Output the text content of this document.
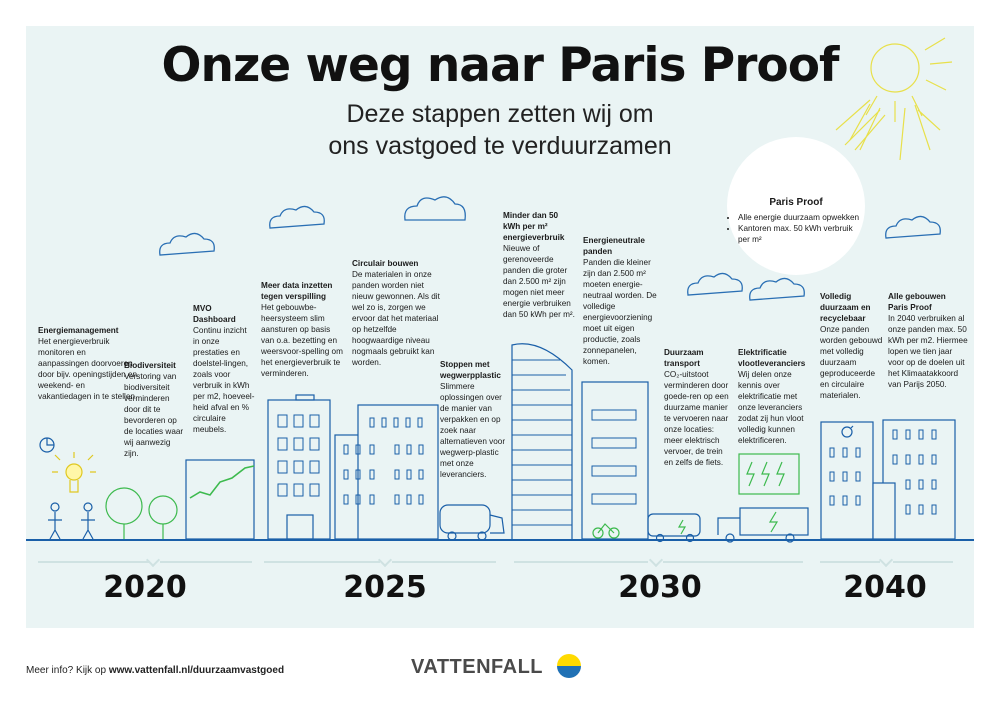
Onze weg naar Paris Proof
Deze stappen zetten wij om
ons vastgoed te verduurzamen
Paris Proof
• Alle energie duurzaam opwekken
• Kantoren max. 50 kWh verbruik per m²
Energiemanagement
Het energieverbruik monitoren en aanpassingen doorvoeren door bijv. openingstijden en weekend- en vakantiedagen in te stellen.
Biodiversiteit
Verstoring van biodiversiteit verminderen door dit te bevorderen op de locaties waar wij aanwezig zijn.
MVO Dashboard
Continu inzicht in onze prestaties en doelstel-lingen, zoals voor verbruik in kWh per m2, hoeveel-heid afval en % circulaire meubels.
Meer data inzetten tegen verspilling
Het gebouwbe-heersysteem slim aansturen op basis van o.a. bezetting en weersvoor-spelling om het energieverbruik te verminderen.
Circulair bouwen
De materialen in onze panden worden niet nieuw gewonnen. Als dit wel zo is, zorgen we ervoor dat het materiaal op hetzelfde hoogwaardige niveau nogmaals gebruikt kan worden.	Stoppen met wegwerpplastic
Slimmere oplossingen over de manier van verpakken en op zoek naar alternatieven voor wegwerp-plastic met onze leveranciers.
Minder dan 50 kWh per m² energieverbruik
Nieuwe of gerenoveerde panden die groter dan 2.500 m² zijn mogen niet meer energie verbruiken dan 50 kWh per m².
Energieneutrale panden
Panden die kleiner zijn dan 2.500 m² moeten energie-neutraal worden. De volledige energievoorziening moet uit eigen productie, zoals zonnepanelen, komen.
Duurzaam transport
CO₂-uitstoot verminderen door goede-ren op een duurzame manier te vervoeren naar onze locaties: meer elektrisch vervoer, de trein en zelfs de fiets.
Elektrificatie vlootleveranciers
Wij delen onze kennis over elektrificatie met onze leveranciers zodat zij hun vloot volledig kunnen elektrificeren.
Volledig duurzaam en recyclebaar
Onze panden worden gebouwd met volledig duurzaam geproduceerde en circulaire materialen.
Alle gebouwen Paris Proof
In 2040 verbruiken al onze panden max. 50 kWh per m2. Hiermee lopen we tien jaar voor op de doelen uit het Klimaatakkoord van Parijs 2050.
2020	2025	2030	2040
Meer info? Kijk op www.vattenfall.nl/duurzaamvastgoed	VATTENFALL
